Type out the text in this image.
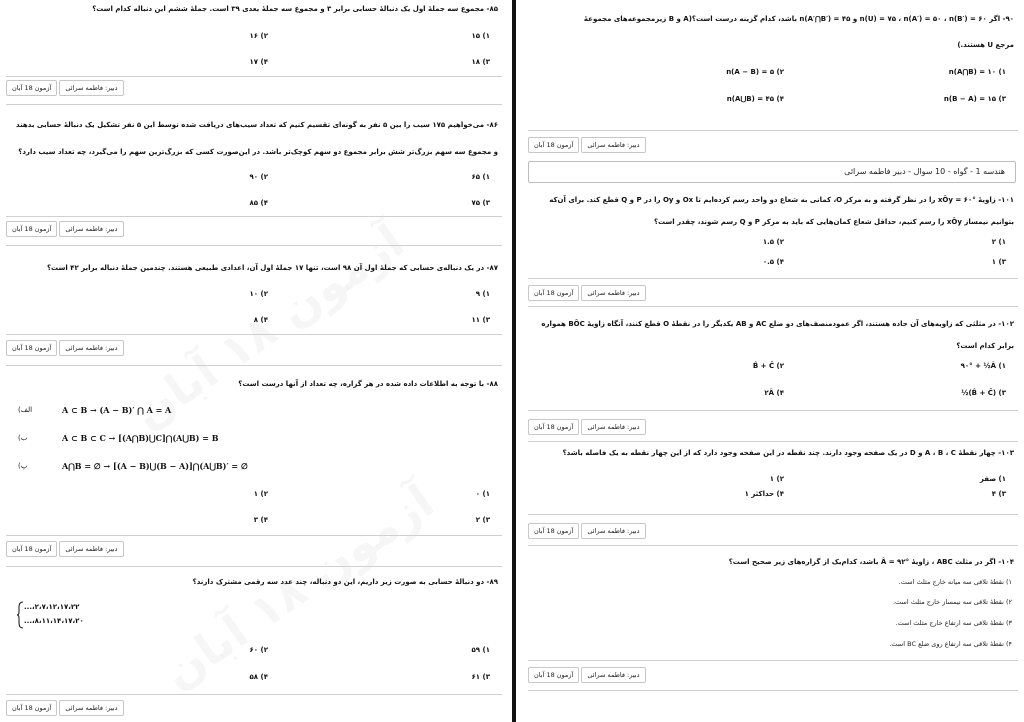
۸۵- مجموع سه جملهٔ اول یک دنبالهٔ حسابی برابر ۳ و مجموع سه جملهٔ بعدی ۳۹ است. جملهٔ ششم این دنباله کدام است؟
۱) ۱۵
۲) ۱۶
۳) ۱۸
۴) ۱۷
آزمون 18 آبان	دبیر: فاطمه سرائی
۸۶- می‌خواهیم ۱۷۵ سیب را بین ۵ نفر به گونه‌ای تقسیم کنیم که تعداد سیب‌های دریافت شده توسط این ۵ نفر تشکیل یک دنبالهٔ حسابی بدهند و مجموع سه سهم بزرگ‌تر شش برابر مجموع دو سهم کوچک‌تر باشد. در این‌صورت کسی که بزرگ‌ترین سهم را می‌گیرد، چه تعداد سیب دارد؟
۱) ۶۵
۲) ۹۰
۳) ۷۵
۴) ۸۵
آزمون 18 آبان	دبیر: فاطمه سرائی
۸۷- در یک دنباله‌ی حسابی که جملهٔ اول آن ۹۸ است، تنها ۱۷ جملهٔ اول آن، اعدادی طبیعی هستند. چندمین جملهٔ دنباله برابر ۴۲ است؟
۱) ۹
۲) ۱۰
۳) ۱۱
۴) ۸
آزمون 18 آبان	دبیر: فاطمه سرائی
۸۸- با توجه به اطلاعات داده شده در هر گزاره، چه تعداد از آنها درست است؟
الف)	A ⊂ B → (A − B)′ ⋂ A = A
ب)	A ⊂ B ⊂ C → [(A⋂B)⋃C]⋂(A⋃B) = B
پ)	A⋂B = ∅ → [(A − B)⋃(B − A)]⋂(A⋃B)′ = ∅
۱) ۰
۲) ۱
۳) ۲
۴) ۳
آزمون 18 آبان	دبیر: فاطمه سرائی
۸۹- دو دنبالهٔ حسابی به صورت زیر داریم، این دو دنباله، چند عدد سه رقمی مشترک دارند؟
۲،۷،۱۲،۱۷،۲۲،...
۸،۱۱،۱۴،۱۷،۲۰،...
۱) ۵۹
۲) ۶۰
۳) ۶۱
۴) ۵۸
آزمون 18 آبان	دبیر: فاطمه سرائی
۹۰- اگر n(U) = ۷۵ ، n(A′) = ۵۰ ، n(B′) = ۶۰ و n(A′⋂B′) = ۴۵ باشد، کدام گزینه درست است؟(A و B زیرمجموعه‌های مجموعهٔ
مرجع U هستند.)
n(A⋂B) = ۱۰ (۱
n(A − B) = ۵ (۲
n(B − A) = ۱۵ (۳
n(A⋃B) = ۴۵ (۴
آزمون 18 آبان	دبیر: فاطمه سرائی
هندسه 1 - گواه - 10 سوال - دبیر فاطمه سرائی
۱۰۱- زاویهٔ xÔy = ۶۰° را در نظر گرفته و به مرکز O، کمانی به شعاع دو واحد رسم کرده‌ایم تا Ox و Oy را در P و Q قطع کند. برای آن‌که بتوانیم نیمساز xÔy را رسم کنیم، حداقل شعاع کمان‌هایی که باید به مرکز P و Q رسم شوند، چقدر است؟
۱) ۲
۲) ۱.۵
۳) ۱
۴) ۰.۵
آزمون 18 آبان	دبیر: فاطمه سرائی
۱۰۲- در مثلثی که زاویه‌های آن حاده هستند، اگر عمودمنصف‌های دو ضلع AC و AB یکدیگر را در نقطهٔ O قطع کنند، آنگاه زاویهٔ BÔC همواره برابر کدام است؟
۹۰° + ½Â (۱
B̂ + Ĉ (۲
½(B̂ + Ĉ) (۳
۲Â (۴
آزمون 18 آبان	دبیر: فاطمه سرائی
۱۰۳- چهار نقطهٔ A ، B ، C و D در یک صفحه وجود دارند. چند نقطه در این صفحه وجود دارد که از این چهار نقطه به یک فاصله باشد؟
۱) صفر
۲) ۱
۳) ۴
۴) حداکثر ۱
آزمون 18 آبان	دبیر: فاطمه سرائی
۱۰۴- اگر در مثلث ABC ، زاویهٔ Â = ۹۲° باشد، کدام‌یک از گزاره‌های زیر صحیح است؟
۱) نقطهٔ تلاقی سه میانه خارج مثلث است.
۲) نقطهٔ تلاقی سه نیمساز خارج مثلث است.
۳) نقطهٔ تلاقی سه ارتفاع خارج مثلث است.
۴) نقطهٔ تلاقی سه ارتفاع روی ضلع BC است.
آزمون 18 آبان	دبیر: فاطمه سرائی
